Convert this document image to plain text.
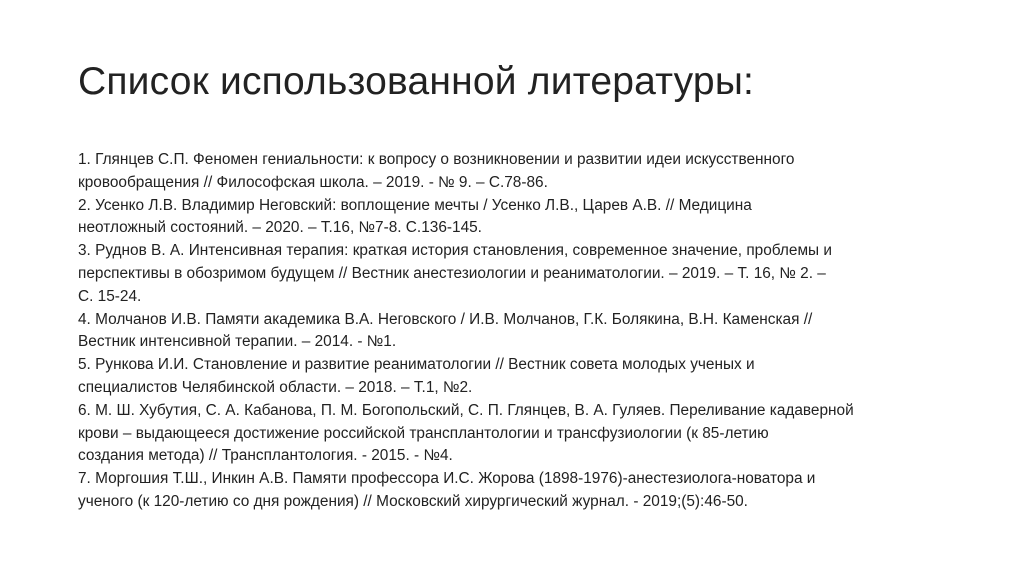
Список использованной литературы:
1. Глянцев С.П. Феномен гениальности: к вопросу о возникновении и развитии идеи искусственного
кровообращения // Философская школа. – 2019. - № 9. – С.78-86.
2. Усенко Л.В. Владимир Неговский: воплощение мечты / Усенко Л.В., Царев А.В. // Медицина
неотложный состояний. – 2020. – Т.16, №7-8. С.136-145.
3. Руднов В. А. Интенсивная терапия: краткая история становления, современное значение, проблемы и
перспективы в обозримом будущем // Вестник анестезиологии и реаниматологии. – 2019. – Т. 16, № 2. –
С. 15-24.
4. Молчанов И.В. Памяти академика В.А. Неговского / И.В. Молчанов, Г.К. Болякина, В.Н. Каменская //
Вестник интенсивной терапии. – 2014. - №1.
5. Рункова И.И. Становление и развитие реаниматологии // Вестник совета молодых ученых и
специалистов Челябинской области. – 2018. – Т.1, №2.
6. М. Ш. Хубутия, С. А. Кабанова, П. М. Богопольский, С. П. Глянцев, В. А. Гуляев. Переливание кадаверной
крови – выдающееся достижение российской трансплантологии и трансфузиологии (к 85-летию
создания метода) // Трансплантология. - 2015. - №4.
7. Моргошия Т.Ш., Инкин А.В. Памяти профессора И.С. Жорова (1898-1976)-анестезиолога-новатора и
ученого (к 120-летию со дня рождения) // Московский хирургический журнал. - 2019;(5):46-50.
